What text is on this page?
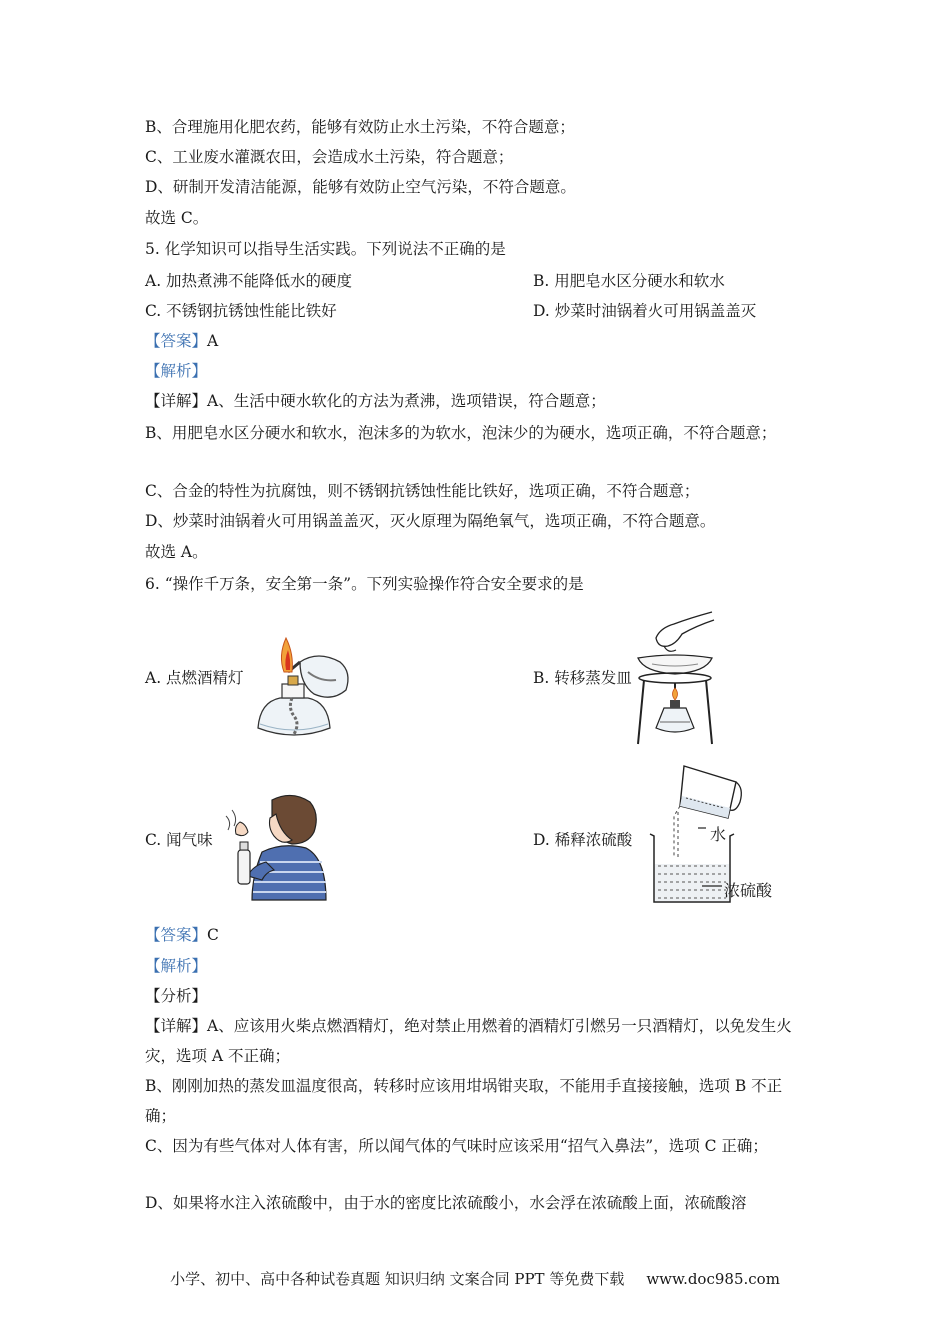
B、合理施用化肥农药，能够有效防止水土污染，不符合题意；
C、工业废水灌溉农田，会造成水土污染，符合题意；
D、研制开发清洁能源，能够有效防止空气污染，不符合题意。
故选 C。
5. 化学知识可以指导生活实践。下列说法不正确的是
A. 加热煮沸不能降低水的硬度	B. 用肥皂水区分硬水和软水
C. 不锈钢抗锈蚀性能比铁好	D. 炒菜时油锅着火可用锅盖盖灭
【答案】A
【解析】
【详解】A、生活中硬水软化的方法为煮沸，选项错误，符合题意；
B、用肥皂水区分硬水和软水，泡沫多的为软水，泡沫少的为硬水，选项正确，不符合题意；
C、合金的特性为抗腐蚀，则不锈钢抗锈蚀性能比铁好，选项正确，不符合题意；
D、炒菜时油锅着火可用锅盖盖灭，灭火原理为隔绝氧气，选项正确，不符合题意。
故选 A。
6. “操作千万条，安全第一条”。下列实验操作符合安全要求的是
A. 点燃酒精灯	B. 转移蒸发皿
C. 闻气味	D. 稀释浓硫酸	水
浓硫酸
【答案】C
【解析】
【分析】
【详解】A、应该用火柴点燃酒精灯，绝对禁止用燃着的酒精灯引燃另一只酒精灯，以免发生火灾，选项 A 不正确；
B、刚刚加热的蒸发皿温度很高，转移时应该用坩埚钳夹取，不能用手直接接触，选项 B 不正确；
C、因为有些气体对人体有害，所以闻气体的气味时应该采用“招气入鼻法”，选项 C 正确；
D、如果将水注入浓硫酸中，由于水的密度比浓硫酸小，水会浮在浓硫酸上面，浓硫酸溶
小学、初中、高中各种试卷真题 知识归纳 文案合同 PPT 等免费下载 www.doc985.com
